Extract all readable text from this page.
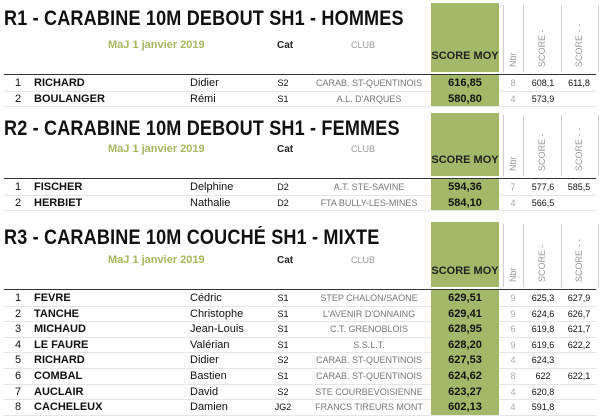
SCORE MOY
R1 - CARABINE 10M DEBOUT SH1 - HOMMES
MaJ 1 janvier 2019	Cat	CLUB
Nbr SCORE -	SCORE - -
1	RICHARD	Didier	S2	CARAB. ST-QUENTINOIS	616,85	8	608,1	611,8
2	BOULANGER	Rémi	S1	A.L. D'ARQUES	580,80	4	573,9
SCORE MOY
R2 - CARABINE 10M DEBOUT SH1 - FEMMES
MaJ 1 janvier 2019	Cat	CLUB
Nbr SCORE -	SCORE - -
1	FISCHER	Delphine	D2	A.T. STE-SAVINE	594,36	7	577,6	585,5
2	HERBIET	Nathalie	D2	FTA BULLY-LES-MINES	584,10	4	566,5
SCORE MOY
R3 - CARABINE 10M COUCHÉ SH1 - MIXTE
MaJ 1 janvier 2019	Cat	CLUB
Nbr SCORE -	SCORE - -
1	FEVRE	Cédric	S1	STEP CHALON/SAONE	629,51	9	625,3	627,9
2	TANCHE	Christophe	S1	L'AVENIR D'ONNAING	629,41	9	624,6	626,7
3	MICHAUD	Jean-Louis	S1	C.T. GRENOBLOIS	628,95	6	619,8	621,7
4	LE FAURE	Valérian	S1	S.S.L.T.	628,20	9	619,6	622,2
5	RICHARD	Didier	S2	CARAB. ST-QUENTINOIS	627,53	4	624,3
6	COMBAL	Bastien	S1	CARAB. ST-QUENTINOIS	624,62	8	622	622,1
7	AUCLAIR	David	S2	STE COURBEVOISIENNE	623,27	4	620,8
8	CACHELEUX	Damien	JG2	FRANCS TIREURS MONT	602,13	4	591,8
